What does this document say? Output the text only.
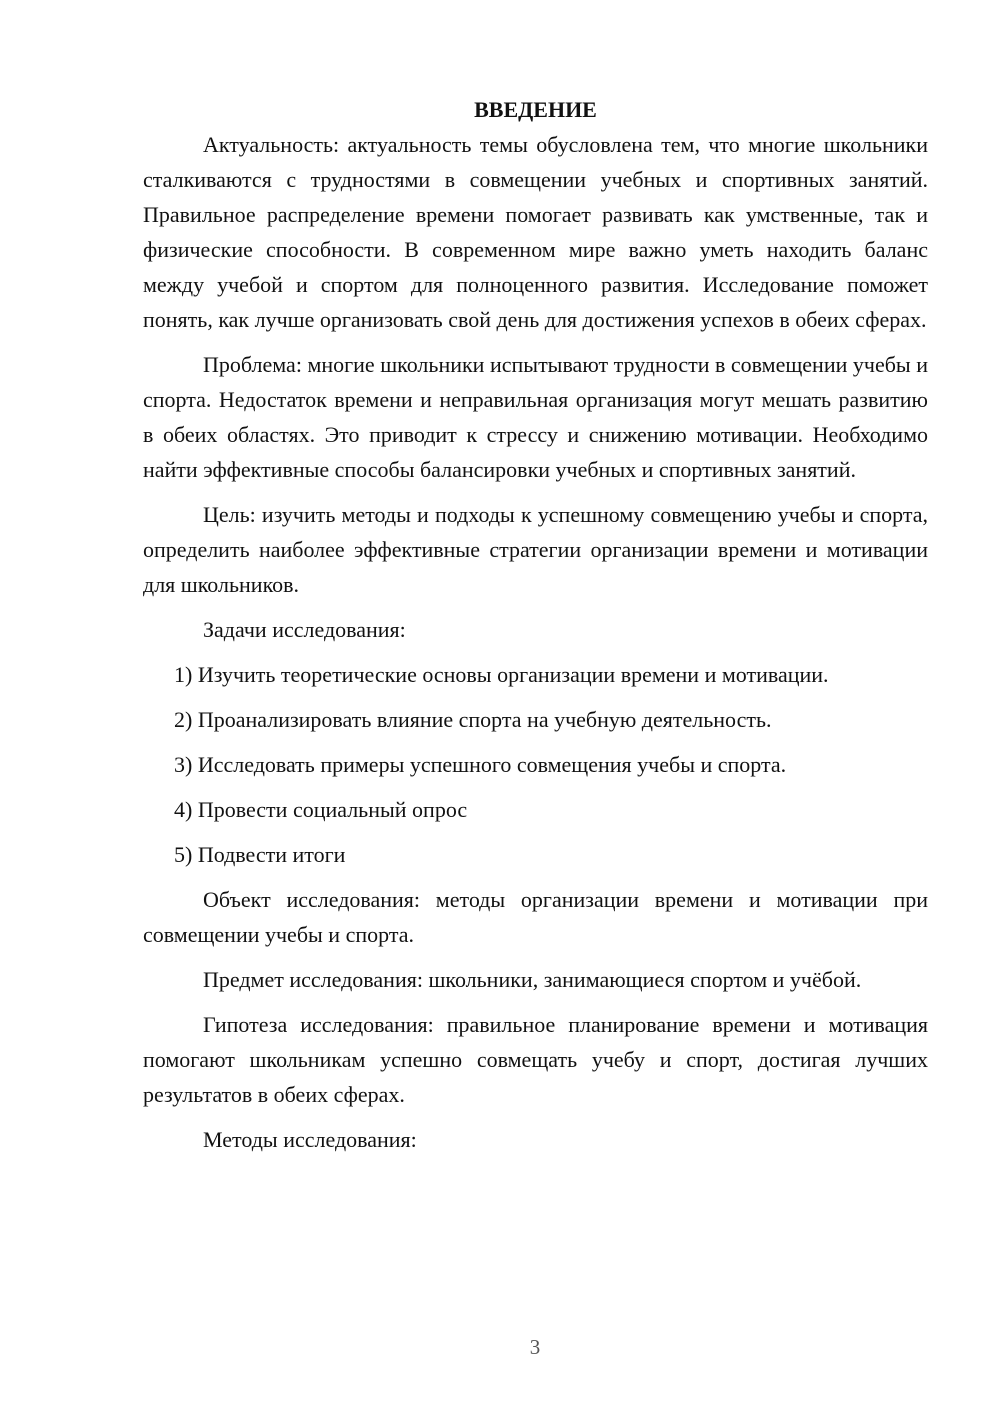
ВВЕДЕНИЕ

Актуальность: актуальность темы обусловлена тем, что многие школьники сталкиваются с трудностями в совмещении учебных и спортивных занятий. Правильное распределение времени помогает развивать как умственные, так и физические способности. В современном мире важно уметь находить баланс между учебой и спортом для полноценного развития. Исследование поможет понять, как лучше организовать свой день для достижения успехов в обеих сферах.

Проблема: многие школьники испытывают трудности в совмещении учебы и спорта. Недостаток времени и неправильная организация могут мешать развитию в обеих областях. Это приводит к стрессу и снижению мотивации. Необходимо найти эффективные способы балансировки учебных и спортивных занятий.

Цель: изучить методы и подходы к успешному совмещению учебы и спорта, определить наиболее эффективные стратегии организации времени и мотивации для школьников.

Задачи исследования:

1) Изучить теоретические основы организации времени и мотивации.
2) Проанализировать влияние спорта на учебную деятельность.
3) Исследовать примеры успешного совмещения учебы и спорта.
4) Провести социальный опрос
5) Подвести итоги

Объект исследования: методы организации времени и мотивации при совмещении учебы и спорта.

Предмет исследования: школьники, занимающиеся спортом и учёбой.

Гипотеза исследования: правильное планирование времени и мотивация помогают школьникам успешно совмещать учебу и спорт, достигая лучших результатов в обеих сферах.

Методы исследования:

3
